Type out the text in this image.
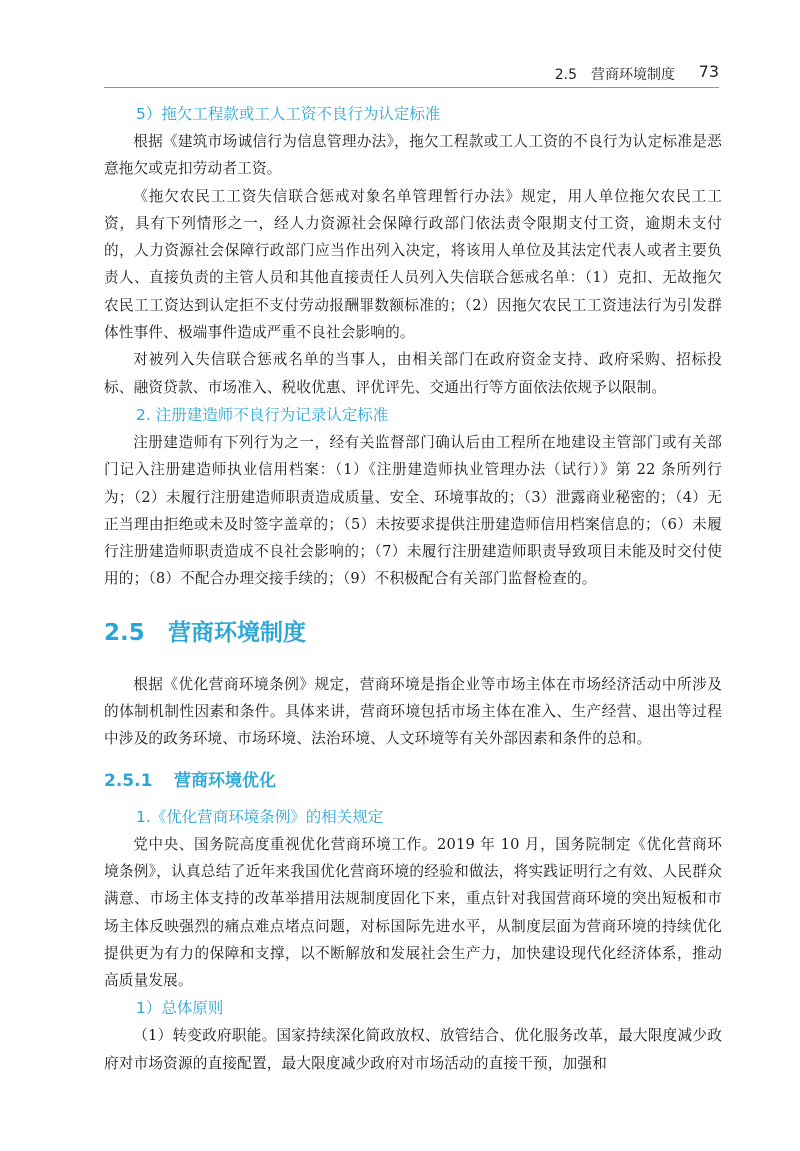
2.5　营商环境制度 73
5）拖欠工程款或工人工资不良行为认定标准

根据《建筑市场诚信行为信息管理办法》，拖欠工程款或工人工资的不良行为认定标准是恶意拖欠或克扣劳动者工资。

《拖欠农民工工资失信联合惩戒对象名单管理暂行办法》规定，用人单位拖欠农民工工资，具有下列情形之一，经人力资源社会保障行政部门依法责令限期支付工资，逾期未支付的，人力资源社会保障行政部门应当作出列入决定，将该用人单位及其法定代表人或者主要负责人、直接负责的主管人员和其他直接责任人员列入失信联合惩戒名单：（1）克扣、无故拖欠农民工工资达到认定拒不支付劳动报酬罪数额标准的；（2）因拖欠农民工工资违法行为引发群体性事件、极端事件造成严重不良社会影响的。

对被列入失信联合惩戒名单的当事人，由相关部门在政府资金支持、政府采购、招标投标、融资贷款、市场准入、税收优惠、评优评先、交通出行等方面依法依规予以限制。

2. 注册建造师不良行为记录认定标准

注册建造师有下列行为之一，经有关监督部门确认后由工程所在地建设主管部门或有关部门记入注册建造师执业信用档案：（1）《注册建造师执业管理办法（试行）》第 22 条所列行为；（2）未履行注册建造师职责造成质量、安全、环境事故的；（3）泄露商业秘密的；（4）无正当理由拒绝或未及时签字盖章的；（5）未按要求提供注册建造师信用档案信息的；（6）未履行注册建造师职责造成不良社会影响的；（7）未履行注册建造师职责导致项目未能及时交付使用的；（8）不配合办理交接手续的；（9）不积极配合有关部门监督检查的。

2.5 营商环境制度

根据《优化营商环境条例》规定，营商环境是指企业等市场主体在市场经济活动中所涉及的体制机制性因素和条件。具体来讲，营商环境包括市场主体在准入、生产经营、退出等过程中涉及的政务环境、市场环境、法治环境、人文环境等有关外部因素和条件的总和。

2.5.1 营商环境优化
1.《优化营商环境条例》的相关规定

党中央、国务院高度重视优化营商环境工作。2019 年 10 月，国务院制定《优化营商环境条例》，认真总结了近年来我国优化营商环境的经验和做法，将实践证明行之有效、人民群众满意、市场主体支持的改革举措用法规制度固化下来，重点针对我国营商环境的突出短板和市场主体反映强烈的痛点难点堵点问题，对标国际先进水平，从制度层面为营商环境的持续优化提供更为有力的保障和支撑，以不断解放和发展社会生产力，加快建设现代化经济体系，推动高质量发展。

1）总体原则

（1）转变政府职能。国家持续深化简政放权、放管结合、优化服务改革，最大限度减少政府对市场资源的直接配置，最大限度减少政府对市场活动的直接干预，加强和
